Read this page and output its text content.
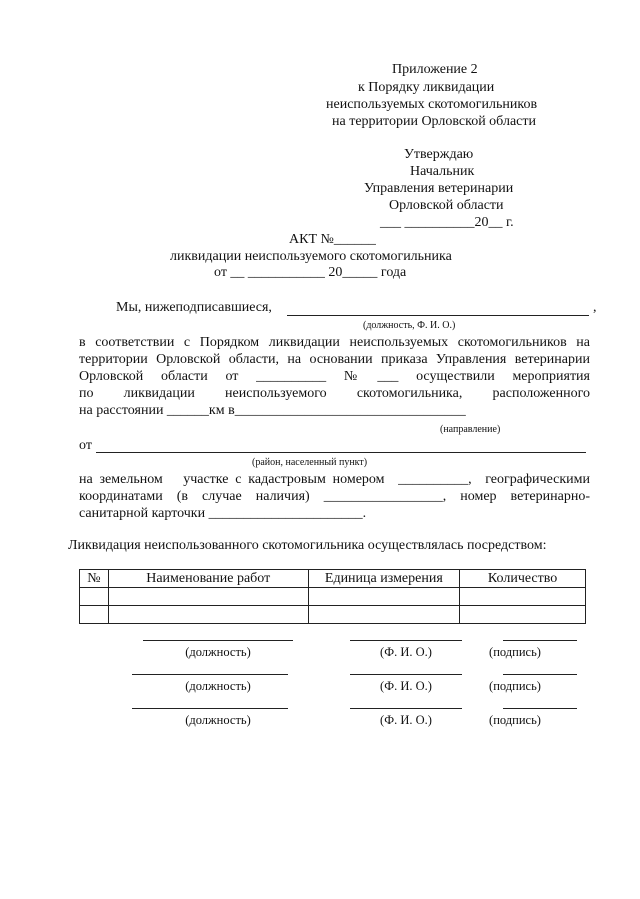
Приложение 2
к Порядку ликвидации
неиспользуемых скотомогильников
на территории Орловской области
Утверждаю
Начальник
Управления ветеринарии
Орловской области
___ __________20__ г.
АКТ №______
ликвидации неиспользуемого скотомогильника
от __ ___________ 20_____ года
Мы, нижеподписавшиеся,	,
(должность, Ф. И. О.)
в соответствии с Порядком ликвидации неиспользуемых скотомогильников на
территории Орловской области, на основании приказа Управления ветеринарии
Орловской   области   от   __________   №   ___   осуществили   мероприятия
по    ликвидации    неиспользуемого    скотомогильника,    расположенного
на расстоянии ______км в_________________________________
(направление)
от
(район, населенный пункт)
на земельном   участке с кадастровым номером  __________,  географическими
координатами  (в  случае  наличия)  _________________,  номер  ветеринарно-
санитарной карточки ______________________.
Ликвидация неиспользованного скотомогильника осуществлялась посредством:
№	Наименование работ	Единица измерения	Количество

(должность)	(Ф. И. О.)	(подпись)
(должность)	(Ф. И. О.)	(подпись)
(должность)	(Ф. И. О.)	(подпись)
